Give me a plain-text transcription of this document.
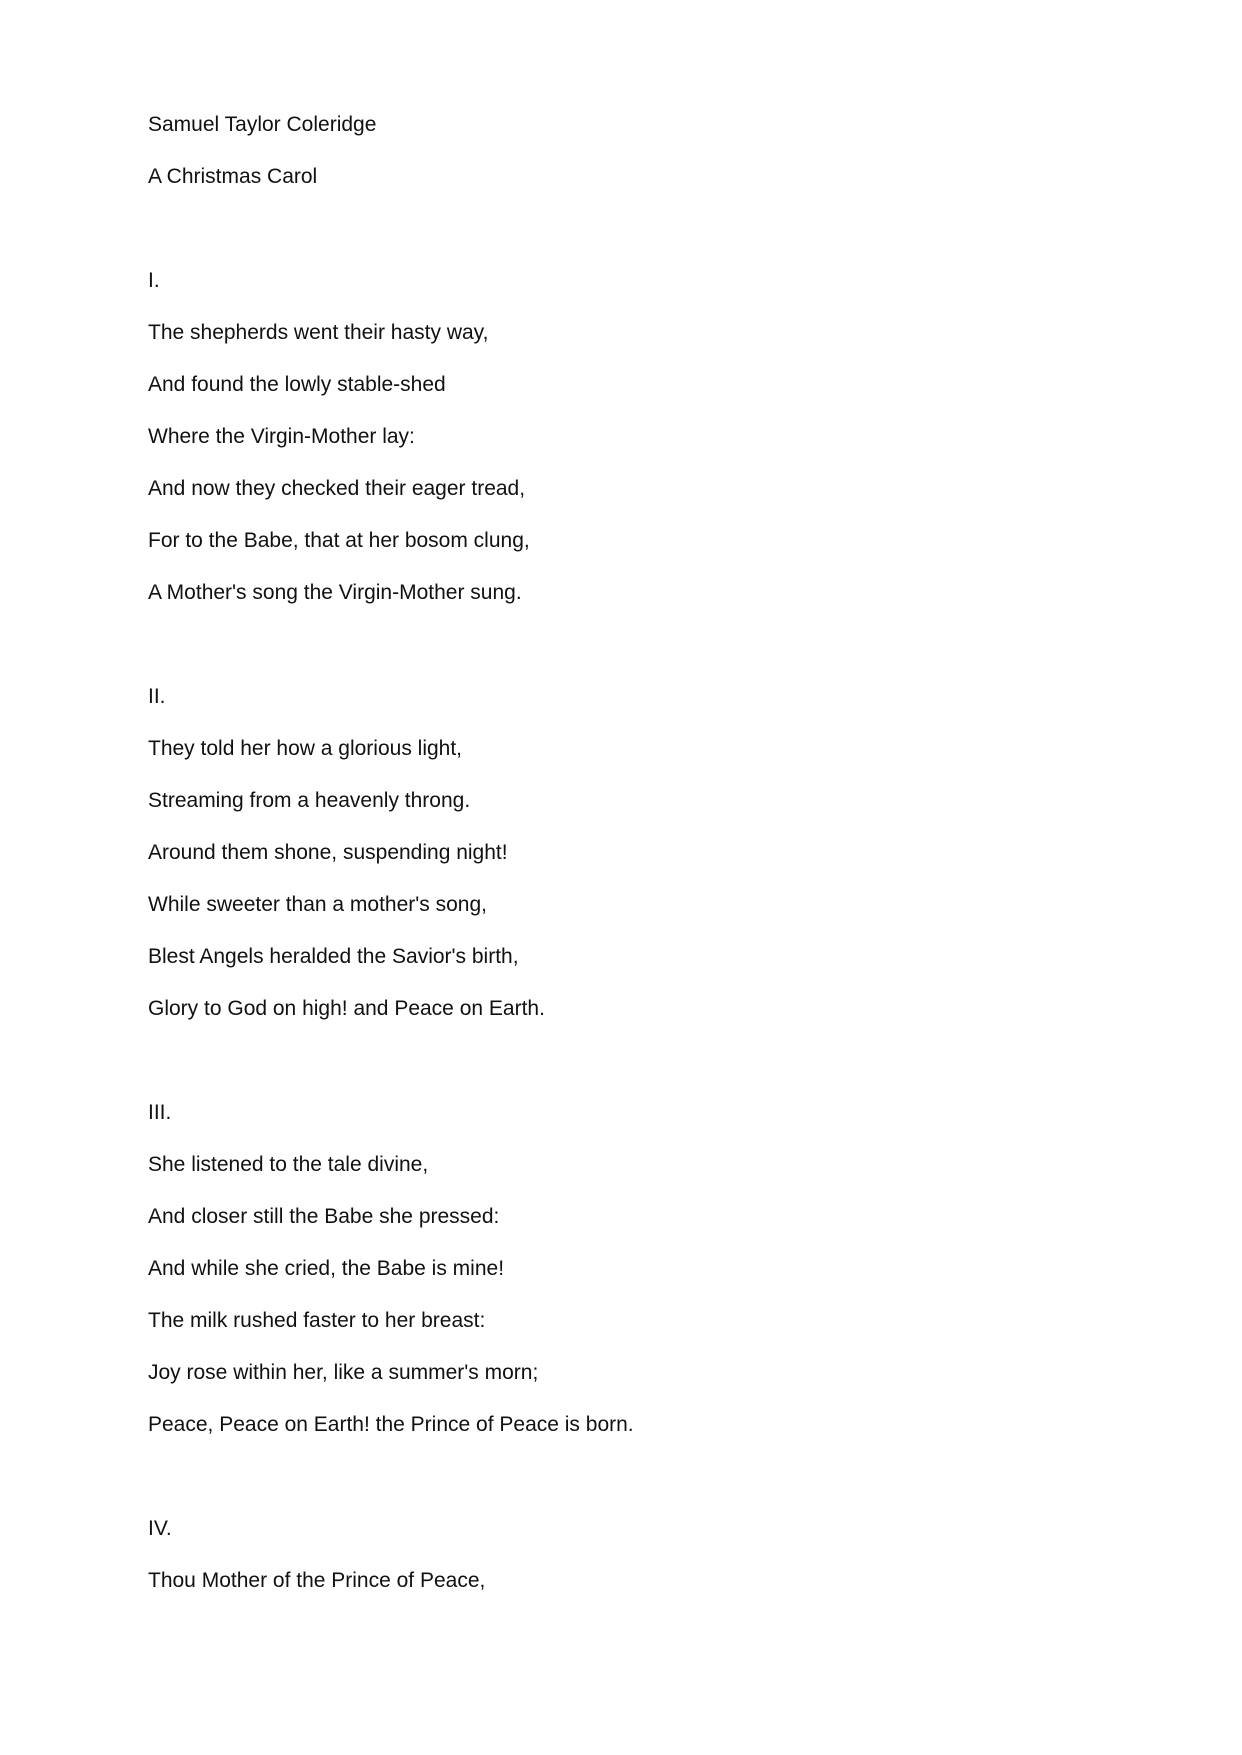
Samuel Taylor Coleridge

A Christmas Carol

I.

The shepherds went their hasty way,

And found the lowly stable-shed

Where the Virgin-Mother lay:

And now they checked their eager tread,

For to the Babe, that at her bosom clung,

A Mother's song the Virgin-Mother sung.

II.

They told her how a glorious light,

Streaming from a heavenly throng.

Around them shone, suspending night!

While sweeter than a mother's song,

Blest Angels heralded the Savior's birth,

Glory to God on high! and Peace on Earth.

III.

She listened to the tale divine,

And closer still the Babe she pressed:

And while she cried, the Babe is mine!

The milk rushed faster to her breast:

Joy rose within her, like a summer's morn;

Peace, Peace on Earth! the Prince of Peace is born.

IV.

Thou Mother of the Prince of Peace,
